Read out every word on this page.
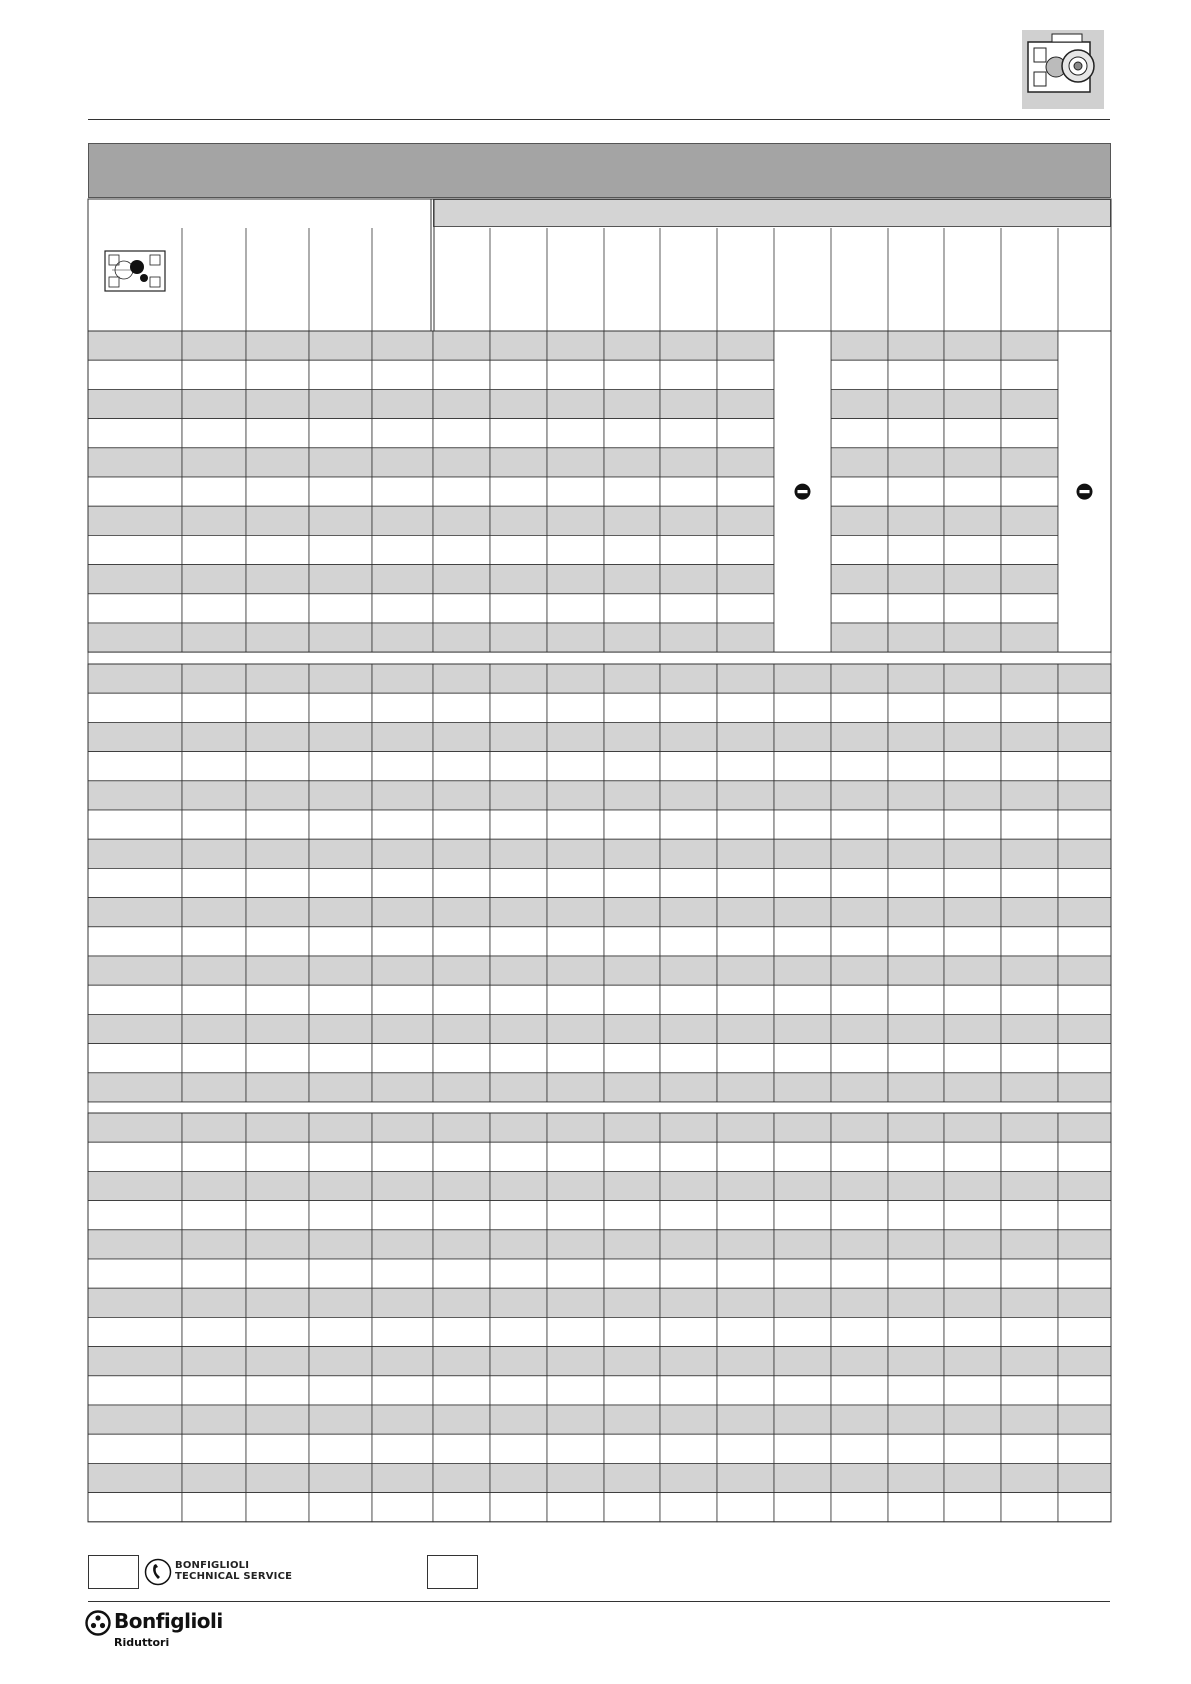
BONFIGLIOLI
TECHNICAL SERVICE
Bonfiglioli
Riduttori
